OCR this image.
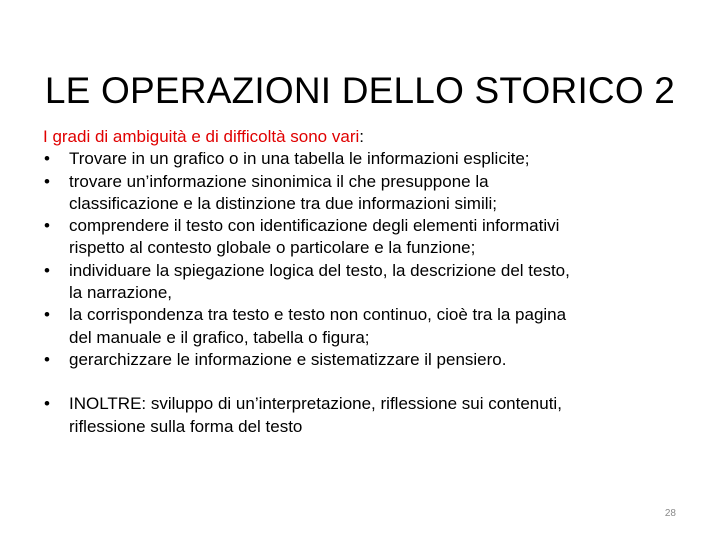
LE OPERAZIONI DELLO STORICO 2

I gradi di ambiguità e di difficoltà sono vari:

• Trovare in un grafico o in una tabella le informazioni esplicite;
• trovare un’informazione sinonimica il che presuppone la
classificazione e la distinzione tra due informazioni simili;
• comprendere il testo con identificazione degli elementi informativi
rispetto al contesto globale o particolare e la funzione;
• individuare la spiegazione logica del testo, la descrizione del testo,
la narrazione,
• la corrispondenza tra testo e testo non continuo, cioè tra la pagina
del manuale e il grafico, tabella o figura;
• gerarchizzare le informazione e sistematizzare il pensiero.
• INOLTRE: sviluppo di un’interpretazione, riflessione sui contenuti,
riflessione sulla forma del testo
28
